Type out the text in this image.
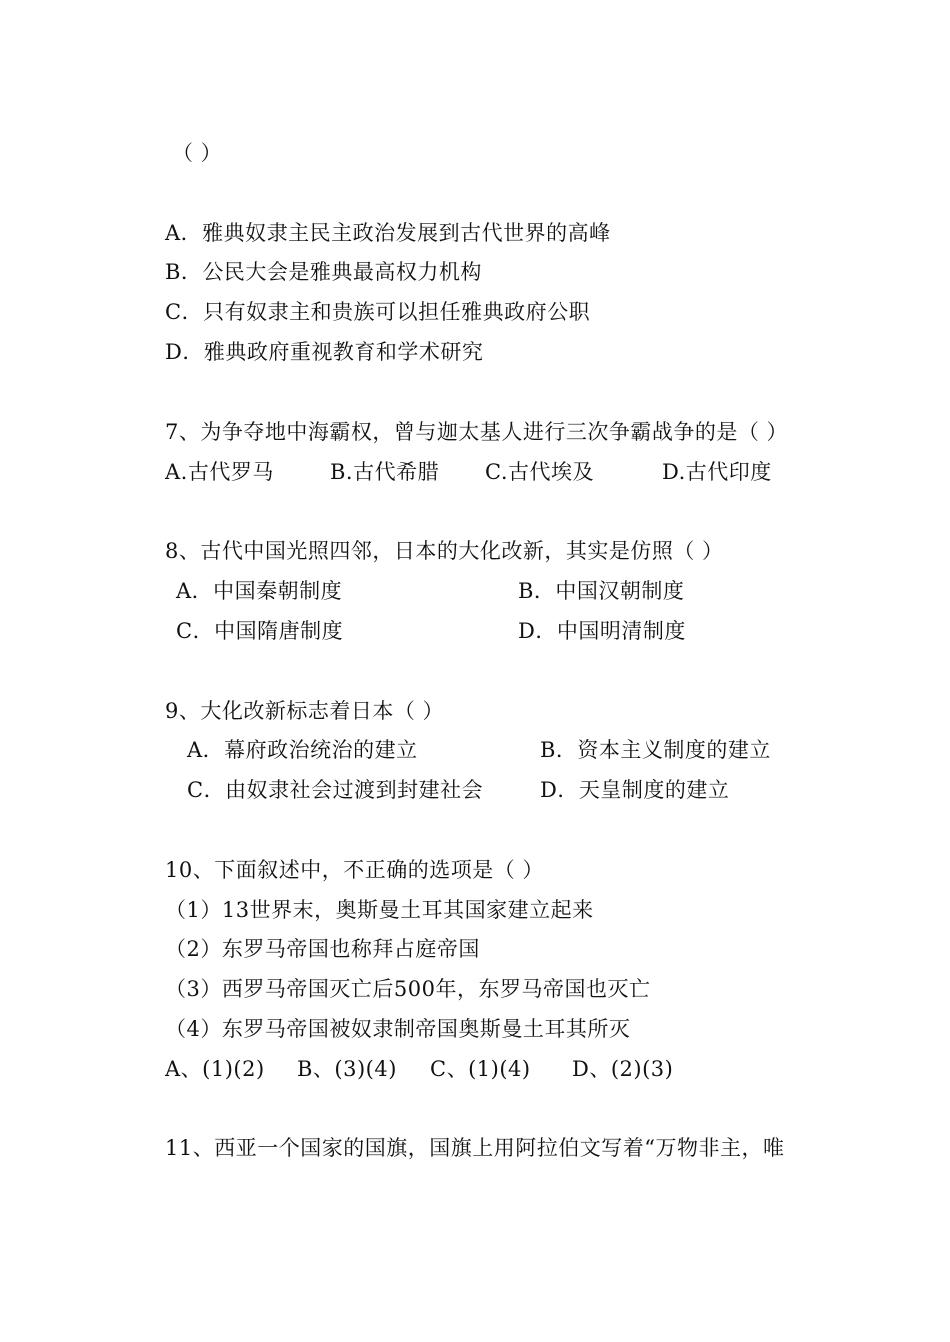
（ ）
A．雅典奴隶主民主政治发展到古代世界的高峰
B．公民大会是雅典最高权力机构
C．只有奴隶主和贵族可以担任雅典政府公职
D．雅典政府重视教育和学术研究
7、为争夺地中海霸权，曾与迦太基人进行三次争霸战争的是（ ）
A.古代罗马	B.古代希腊 C.古代埃及	D.古代印度
8、古代中国光照四邻，日本的大化改新，其实是仿照（ ）
A．中国秦朝制度	B．中国汉朝制度
C．中国隋唐制度	D．中国明清制度
9、大化改新标志着日本（ ）
A．幕府政治统治的建立	B．资本主义制度的建立
C．由奴隶社会过渡到封建社会	D．天皇制度的建立
10、下面叙述中，不正确的选项是（ ）
（1）13世界末，奥斯曼土耳其国家建立起来
（2）东罗马帝国也称拜占庭帝国
（3）西罗马帝国灭亡后500年，东罗马帝国也灭亡
（4）东罗马帝国被奴隶制帝国奥斯曼土耳其所灭
A、(1)(2) B、(3)(4) C、(1)(4) D、(2)(3)
11、西亚一个国家的国旗，国旗上用阿拉伯文写着“万物非主，唯
